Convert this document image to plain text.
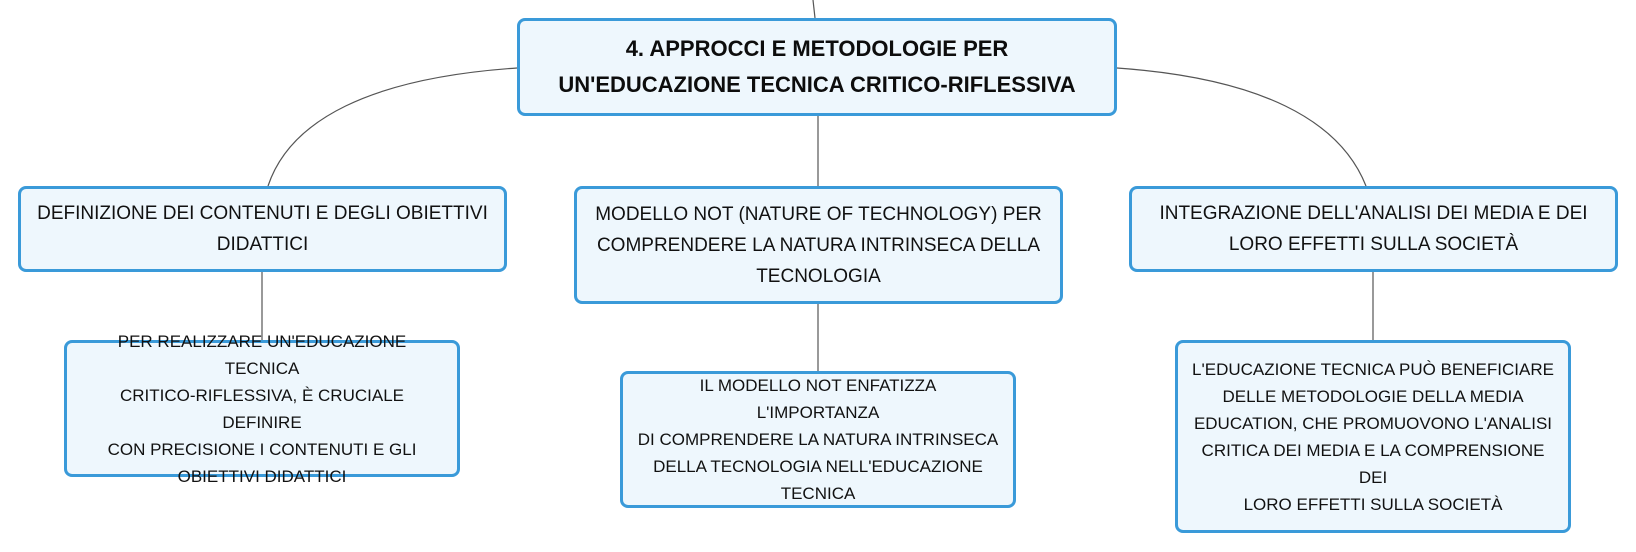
4. APPROCCI E METODOLOGIE PER
UN'EDUCAZIONE TECNICA CRITICO-RIFLESSIVA
DEFINIZIONE DEI CONTENUTI E DEGLI OBIETTIVI
DIDATTICI
MODELLO NOT (NATURE OF TECHNOLOGY) PER
COMPRENDERE LA NATURA INTRINSECA DELLA
TECNOLOGIA
INTEGRAZIONE DELL'ANALISI DEI MEDIA E DEI
LORO EFFETTI SULLA SOCIETÀ
PER REALIZZARE UN'EDUCAZIONE TECNICA
CRITICO-RIFLESSIVA, È CRUCIALE DEFINIRE
CON PRECISIONE I CONTENUTI E GLI
OBIETTIVI DIDATTICI
IL MODELLO NOT ENFATIZZA L'IMPORTANZA
DI COMPRENDERE LA NATURA INTRINSECA
DELLA TECNOLOGIA NELL'EDUCAZIONE
TECNICA
L'EDUCAZIONE TECNICA PUÒ BENEFICIARE
DELLE METODOLOGIE DELLA MEDIA
EDUCATION, CHE PROMUOVONO L'ANALISI
CRITICA DEI MEDIA E LA COMPRENSIONE DEI
LORO EFFETTI SULLA SOCIETÀ
